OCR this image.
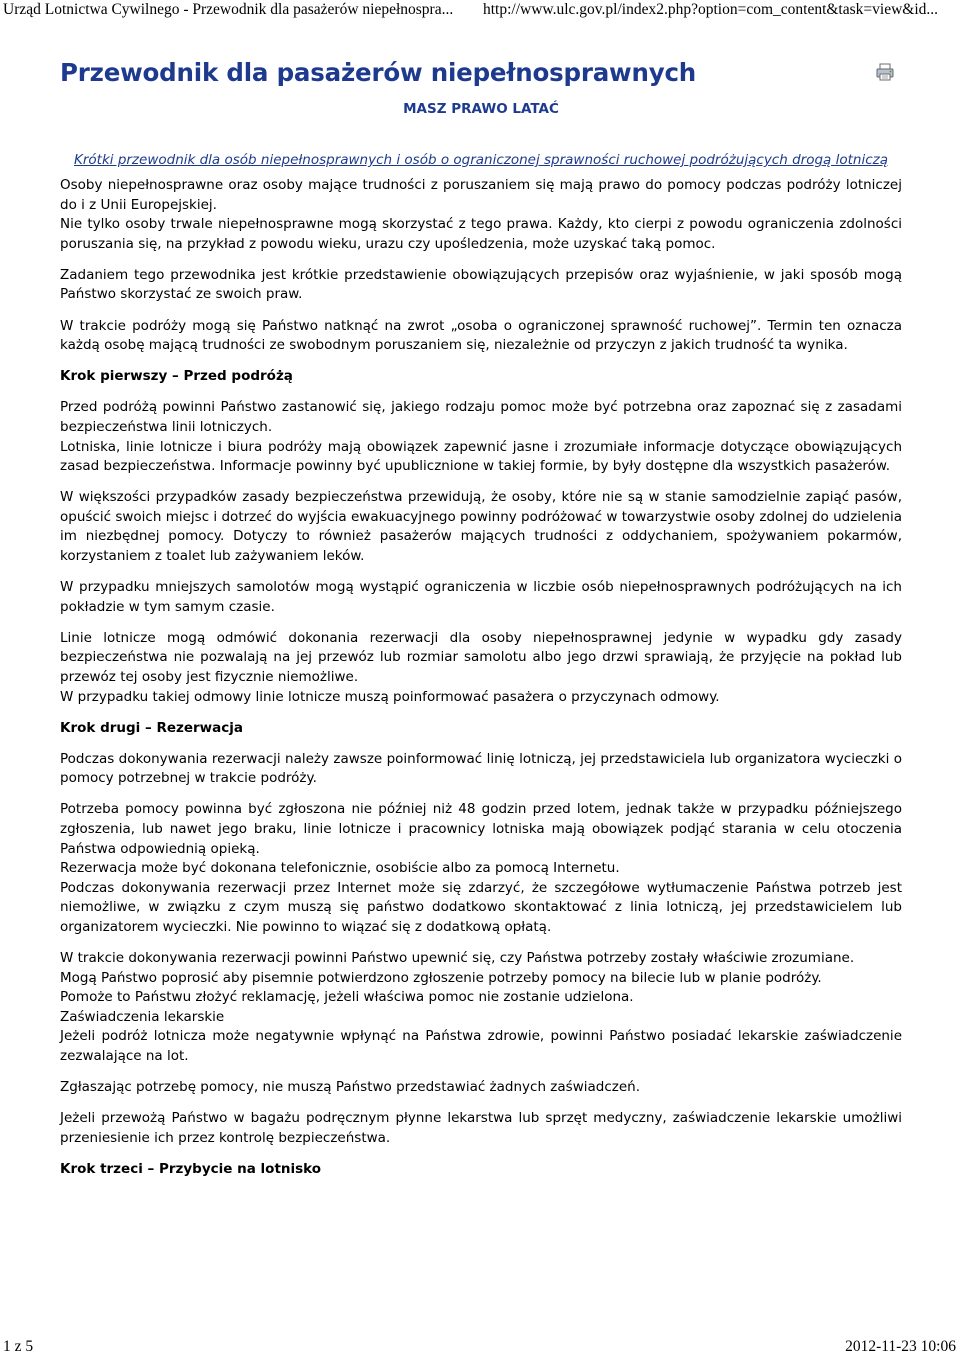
Urząd Lotnictwa Cywilnego - Przewodnik dla pasażerów niepełnospra... http://www.ulc.gov.pl/index2.php?option=com_content&task=view&id...
Przewodnik dla pasażerów niepełnosprawnych
MASZ PRAWO LATAĆ
Krótki przewodnik dla osób niepełnosprawnych i osób o ograniczonej sprawności ruchowej podróżujących drogą lotniczą

Osoby niepełnosprawne oraz osoby mające trudności z poruszaniem się mają prawo do pomocy podczas podróży lotniczej do i z Unii Europejskiej.

Nie tylko osoby trwale niepełnosprawne mogą skorzystać z tego prawa. Każdy, kto cierpi z powodu ograniczenia zdolności poruszania się, na przykład z powodu wieku, urazu czy upośledzenia, może uzyskać taką pomoc.

Zadaniem tego przewodnika jest krótkie przedstawienie obowiązujących przepisów oraz wyjaśnienie, w jaki sposób mogą Państwo skorzystać ze swoich praw.

W trakcie podróży mogą się Państwo natknąć na zwrot „osoba o ograniczonej sprawność ruchowej”. Termin ten oznacza każdą osobę mającą trudności ze swobodnym poruszaniem się, niezależnie od przyczyn z jakich trudność ta wynika.

Krok pierwszy – Przed podróżą

Przed podróżą powinni Państwo zastanowić się, jakiego rodzaju pomoc może być potrzebna oraz zapoznać się z zasadami bezpieczeństwa linii lotniczych.

Lotniska, linie lotnicze i biura podróży mają obowiązek zapewnić jasne i zrozumiałe informacje dotyczące obowiązujących zasad bezpieczeństwa. Informacje powinny być upublicznione w takiej formie, by były dostępne dla wszystkich pasażerów.

W większości przypadków zasady bezpieczeństwa przewidują, że osoby, które nie są w stanie samodzielnie zapiąć pasów, opuścić swoich miejsc i dotrzeć do wyjścia ewakuacyjnego powinny podróżować w towarzystwie osoby zdolnej do udzielenia im niezbędnej pomocy. Dotyczy to również pasażerów mających trudności z oddychaniem, spożywaniem pokarmów, korzystaniem z toalet lub zażywaniem leków.

W przypadku mniejszych samolotów mogą wystąpić ograniczenia w liczbie osób niepełnosprawnych podróżujących na ich pokładzie w tym samym czasie.

Linie lotnicze mogą odmówić dokonania rezerwacji dla osoby niepełnosprawnej jedynie w wypadku gdy zasady bezpieczeństwa nie pozwalają na jej przewóz lub rozmiar samolotu albo jego drzwi sprawiają, że przyjęcie na pokład lub przewóz tej osoby jest fizycznie niemożliwe.

W przypadku takiej odmowy linie lotnicze muszą poinformować pasażera o przyczynach odmowy.

Krok drugi – Rezerwacja

Podczas dokonywania rezerwacji należy zawsze poinformować linię lotniczą, jej przedstawiciela lub organizatora wycieczki o pomocy potrzebnej w trakcie podróży.

Potrzeba pomocy powinna być zgłoszona nie później niż 48 godzin przed lotem, jednak także w przypadku późniejszego zgłoszenia, lub nawet jego braku, linie lotnicze i pracownicy lotniska mają obowiązek podjąć starania w celu otoczenia Państwa odpowiednią opieką.

Rezerwacja może być dokonana telefonicznie, osobiście albo za pomocą Internetu.

Podczas dokonywania rezerwacji przez Internet może się zdarzyć, że szczegółowe wytłumaczenie Państwa potrzeb jest niemożliwe, w związku z czym muszą się państwo dodatkowo skontaktować z linia lotniczą, jej przedstawicielem lub organizatorem wycieczki. Nie powinno to wiązać się z dodatkową opłatą.

W trakcie dokonywania rezerwacji powinni Państwo upewnić się, czy Państwa potrzeby zostały właściwie zrozumiane.

Mogą Państwo poprosić aby pisemnie potwierdzono zgłoszenie potrzeby pomocy na bilecie lub w planie podróży.

Pomoże to Państwu złożyć reklamację, jeżeli właściwa pomoc nie zostanie udzielona.

Zaświadczenia lekarskie

Jeżeli podróż lotnicza może negatywnie wpłynąć na Państwa zdrowie, powinni Państwo posiadać lekarskie zaświadczenie zezwalające na lot.

Zgłaszając potrzebę pomocy, nie muszą Państwo przedstawiać żadnych zaświadczeń.

Jeżeli przewożą Państwo w bagażu podręcznym płynne lekarstwa lub sprzęt medyczny, zaświadczenie lekarskie umożliwi przeniesienie ich przez kontrolę bezpieczeństwa.

Krok trzeci – Przybycie na lotnisko

1 z 5	2012-11-23 10:06
